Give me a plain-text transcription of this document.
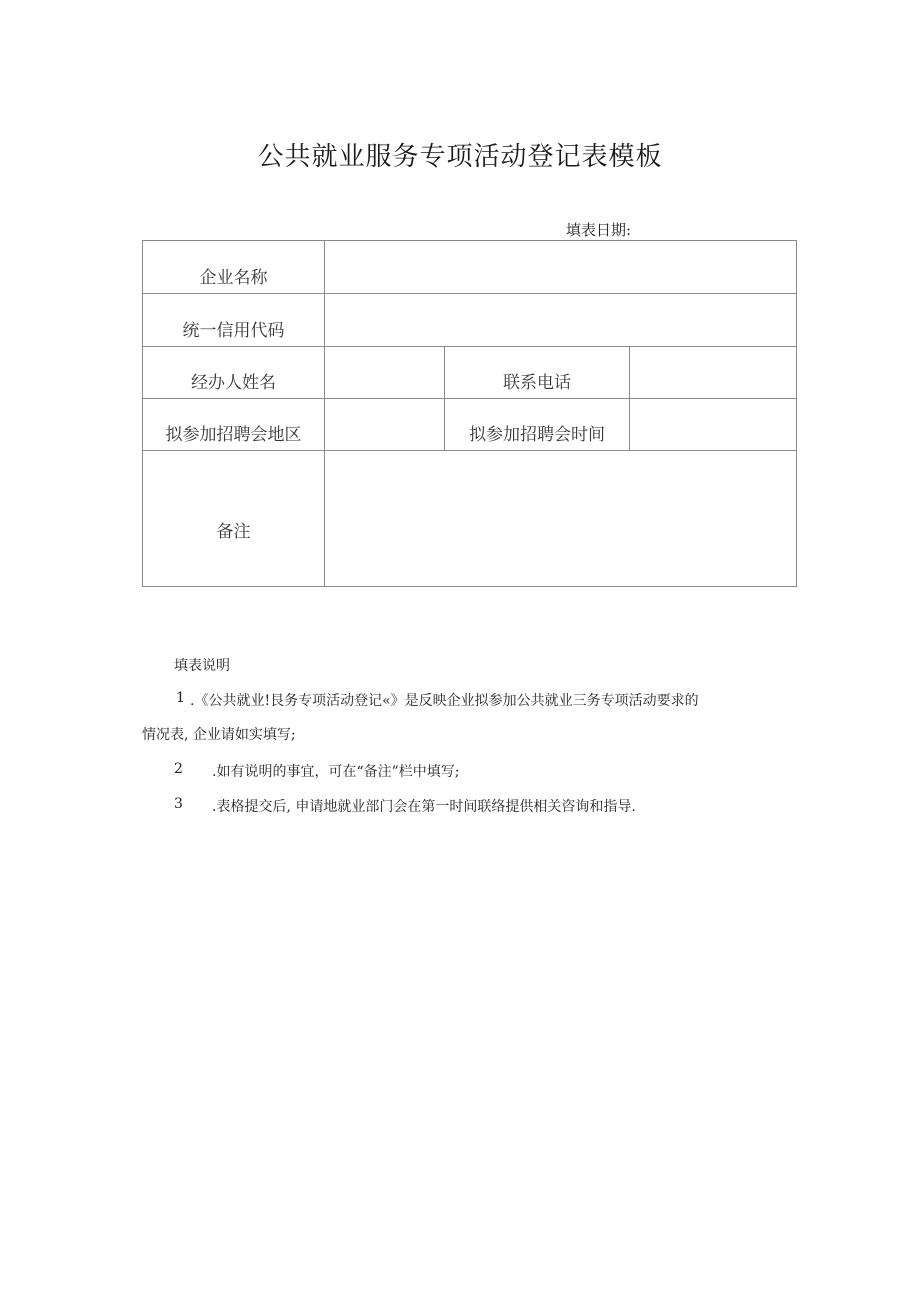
公共就业服务专项活动登记表模板
填表日期:
企业名称			
统一信用代码			
经办人姓名		联系电话	
拟参加招聘会地区		拟参加招聘会时间	
备注			
填表说明
1 .《公共就业!艮务专项活动登记«》是反映企业拟参加公共就业三务专项活动要求的
情况表, 企业请如实填写;
2 .如有说明的事宜，可在“备注”栏中填写;
3 .表格提交后, 申请地就业部门会在第一时间联络提供相关咨询和指导.
